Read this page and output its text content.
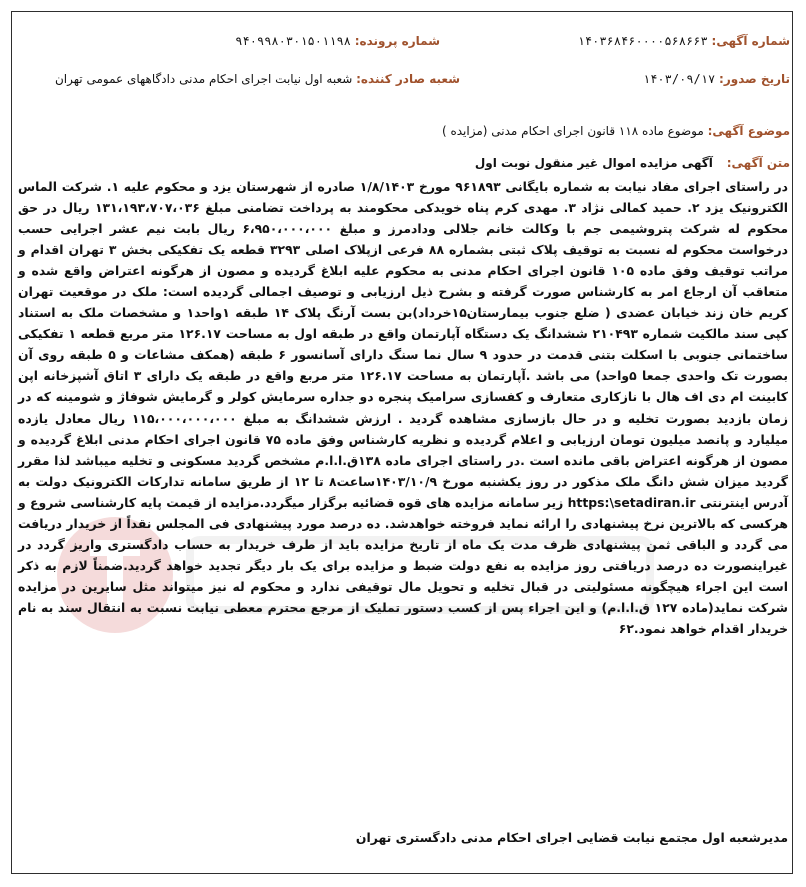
شماره آگهی: ۱۴۰۳۶۸۴۶۰۰۰۰۵۶۸۶۶۳
شماره پرونده: ۹۴۰۹۹۸۰۳۰۱۵۰۱۱۹۸
تاریخ صدور: ۱۴۰۳/۰۹/۱۷
شعبه صادر کننده: شعبه اول نیابت اجرای احکام مدنی دادگاههای عمومی تهران
موضوع آگهی: موضوع ماده ۱۱۸ قانون اجرای احکام مدنی (مزایده )
متن آگهی: آگهی مزایده اموال غیر منقول نوبت اول
در راستای اجرای مفاد نیابت به شماره بایگانی ۹۶۱۸۹۳ مورخ ۱/۸/۱۴۰۳ صادره از شهرستان یزد و محکوم علیه ۱. شرکت الماس الکترونیک یزد ۲. حمید کمالی نژاد ۳. مهدی کرم پناه خویدکی محکومند به پرداخت تضامنی مبلغ ۱۳۱،۱۹۳،۷۰۷،۰۳۶ ریال در حق محکوم له شرکت پتروشیمی جم با وکالت خانم جلالی ودادمرز و مبلغ ۶،۹۵۰،۰۰۰،۰۰۰ ریال بابت نیم عشر اجرایی حسب درخواست محکوم له نسبت به توقیف پلاک ثبتی بشماره ۸۸ فرعی ازپلاک اصلی ۳۲۹۳ قطعه یک تفکیکی بخش ۳ تهران اقدام و مراتب توقیف وفق ماده ۱۰۵ قانون اجرای احکام مدنی به محکوم علیه ابلاغ گردیده و مصون از هرگونه اعتراض واقع شده و متعاقب آن ارجاع امر به کارشناس صورت گرفته و بشرح ذیل ارزیابی و توصیف اجمالی گردیده است: ملک در موقعیت تهران کریم خان زند خیابان عضدی ( ضلع جنوب بیمارستان۱۵خرداد)بن بست آرنگ پلاک ۱۴ طبقه ۱واحد۱ و مشخصات ملک به استناد کپی سند مالکیت شماره ۲۱۰۴۹۳ ششدانگ یک دستگاه آپارتمان واقع در طبقه اول به مساحت ۱۲۶.۱۷ متر مربع قطعه ۱ تفکیکی ساختمانی جنوبی با اسکلت بتنی قدمت در حدود ۹ سال نما سنگ دارای آسانسور ۶ طبقه (همکف مشاعات و ۵ طبقه روی آن بصورت تک واحدی جمعا ۵واحد) می باشد .آپارتمان به مساحت ۱۲۶.۱۷ متر مربع واقع در طبقه یک دارای ۳ اتاق آشپزخانه اپن کابینت ام دی اف هال با نازکاری متعارف و کفسازی سرامیک پنجره دو جداره سرمایش کولر و گرمایش شوفاژ و شومینه که در زمان بازدید بصورت تخلیه و در حال بازسازی مشاهده گردید . ارزش ششدانگ به مبلغ ۱۱۵،۰۰۰،۰۰۰،۰۰۰ ریال معادل یازده میلیارد و پانصد میلیون تومان ارزیابی و اعلام گردیده و نظریه کارشناس وفق ماده ۷۵ قانون اجرای احکام مدنی ابلاغ گردیده و مصون از هرگونه اعتراض باقی مانده است .در راستای اجرای ماده ۱۳۸ق.ا.ا.م مشخص گردید مسکونی و تخلیه میباشد لذا مقرر گردید میزان شش دانگ ملک مذکور در روز یکشنبه مورخ ۱۴۰۳/۱۰/۹ساعت۸ تا ۱۲ از طریق سامانه تدارکات الکترونیک دولت به آدرس اینترنتی https:\setadiran.ir زیر سامانه مزایده های قوه قضائیه برگزار میگردد.مزایده از قیمت پایه کارشناسی شروع و هرکسی که بالاترین نرخ پیشنهادی را ارائه نماید فروخته خواهدشد. ده درصد مورد پیشنهادی فی المجلس نقداً از خریدار دریافت می گردد و الباقی ثمن پیشنهادی ظرف مدت یک ماه از تاریخ مزایده باید از طرف خریدار به حساب دادگستری واریز گردد در غیراینصورت ده درصد دریافتی روز مزایده به نفع دولت ضبط و مزایده برای یک بار دیگر تجدید خواهد گردید.ضمناً لازم به ذکر است این اجراء هیچگونه مسئولیتی در قبال تخلیه و تحویل مال توقیفی ندارد و محکوم له نیز میتواند مثل سایرین در مزایده شرکت نماید(ماده ۱۲۷ ق.ا.ا.م) و این اجراء پس از کسب دستور تملیک از مرجع محترم معطی نیابت نسبت به انتقال سند به نام خریدار اقدام خواهد نمود.۶۲
مدیرشعبه اول مجتمع نیابت قضایی اجرای احکام مدنی دادگستری تهران
